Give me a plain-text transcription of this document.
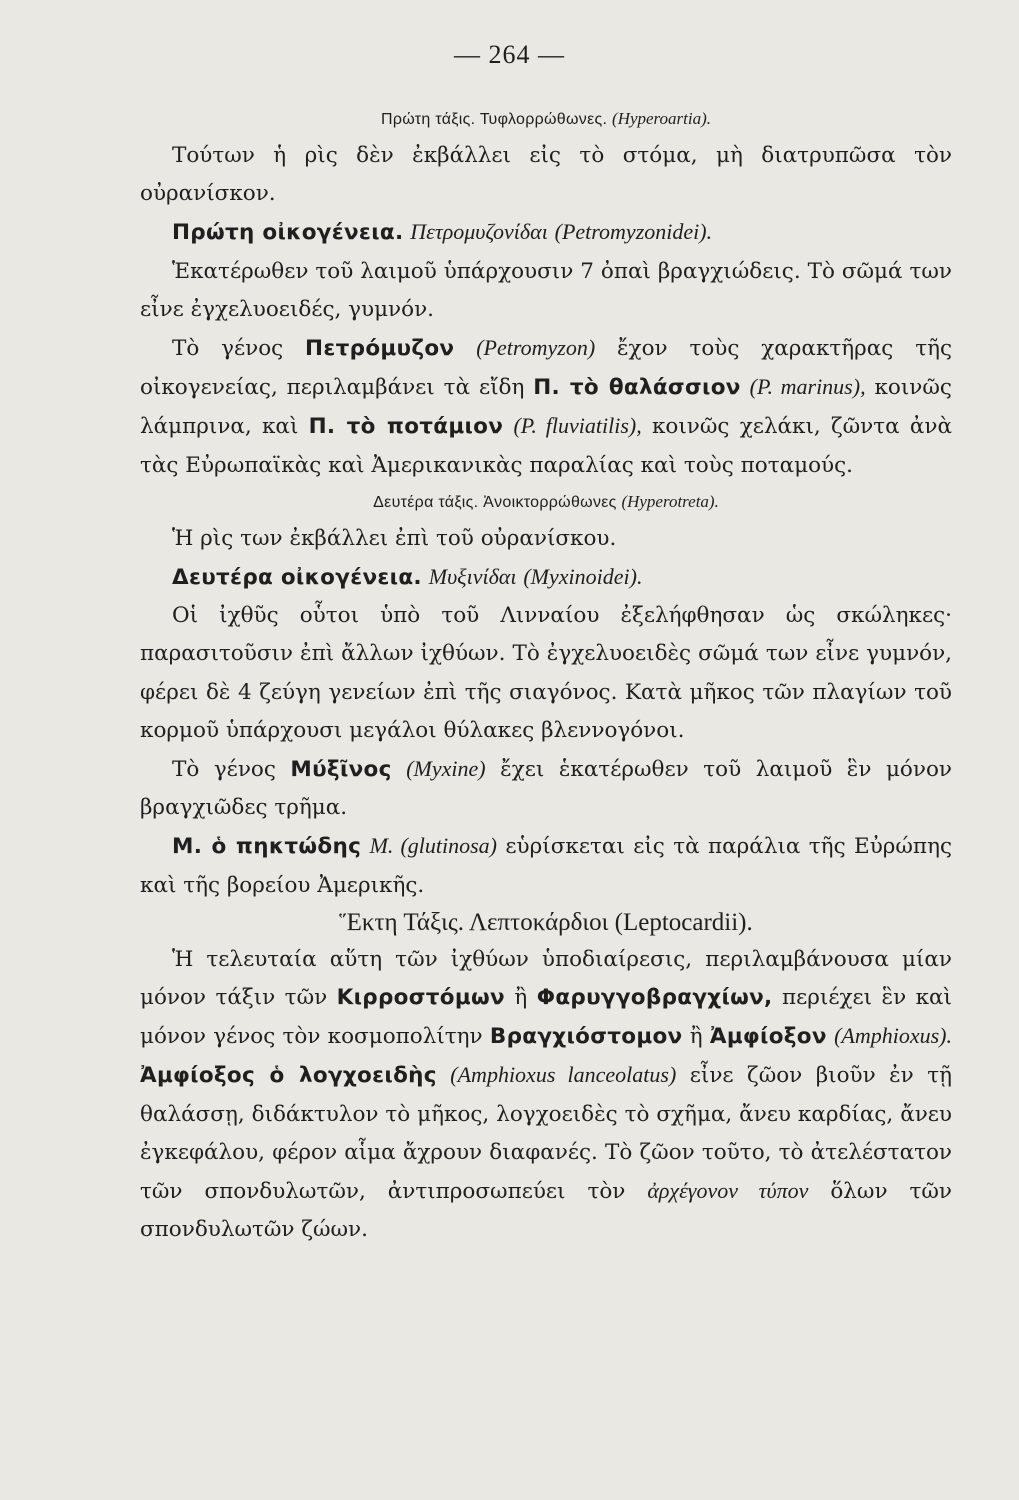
— 264 —

Πρώτη τάξις. Τυφλορρώθωνες. (Hyperoartia).

Τούτων ἡ ρὶς δὲν ἐκβάλλει εἰς τὸ στόμα, μὴ διατρυπῶσα τὸν οὐρανίσκον.

Πρώτη οἰκογένεια. Πετρομυζονίδαι (Petromyzonidei).

Ἑκατέρωθεν τοῦ λαιμοῦ ὑπάρχουσιν 7 ὀπαὶ βραγχιώδεις. Τὸ σῶμά των εἶνε ἐγχελυοειδές, γυμνόν.

Τὸ γένος Πετρόμυζον (Petromyzon) ἔχον τοὺς χαρακτῆρας τῆς οἰκογενείας, περιλαμβάνει τὰ εἴδη Π. τὸ θαλάσσιον (P. marinus), κοινῶς λάμπρινα, καὶ Π. τὸ ποτάμιον (P. fluviatilis), κοινῶς χελάκι, ζῶντα ἀνὰ τὰς Εὐρωπαϊκὰς καὶ Ἀμερικανικὰς παραλίας καὶ τοὺς ποταμούς.

Δευτέρα τάξις. Ἀνοικτορρώθωνες (Hyperotreta).

Ἡ ρὶς των ἐκβάλλει ἐπὶ τοῦ οὐρανίσκου.

Δευτέρα οἰκογένεια. Μυξινίδαι (Myxinoidei).

Οἱ ἰχθῦς οὗτοι ὑπὸ τοῦ Λινναίου ἐξελήφθησαν ὡς σκώληκες· παρασιτοῦσιν ἐπὶ ἄλλων ἰχθύων. Τὸ ἐγχελυοειδὲς σῶμά των εἶνε γυμνόν, φέρει δὲ 4 ζεύγη γενείων ἐπὶ τῆς σιαγόνος. Κατὰ μῆκος τῶν πλαγίων τοῦ κορμοῦ ὑπάρχουσι μεγάλοι θύλακες βλεννογόνοι.

Τὸ γένος Μύξῖνος (Myxine) ἔχει ἑκατέρωθεν τοῦ λαιμοῦ ἓν μόνον βραγχιῶδες τρῆμα.

Μ. ὁ πηκτώδης M. (glutinosa) εὑρίσκεται εἰς τὰ παράλια τῆς Εὐρώπης καὶ τῆς βορείου Ἀμερικῆς.

Ἕκτη Τάξις. Λεπτοκάρδιοι (Leptocardii).

Ἡ τελευταία αὕτη τῶν ἰχθύων ὑποδιαίρεσις, περιλαμβάνουσα μίαν μόνον τάξιν τῶν Κιρροστόμων ἢ Φαρυγγοβραγχίων, περιέχει ἓν καὶ μόνον γένος τὸν κοσμοπολίτην Βραγχιόστομον ἢ Ἀμφίοξον (Amphioxus). Ἀμφίοξος ὁ λογχοειδὴς (Amphioxus lanceolatus) εἶνε ζῶον βιοῦν ἐν τῇ θαλάσσῃ, διδάκτυλον τὸ μῆκος, λογχοειδὲς τὸ σχῆμα, ἄνευ καρδίας, ἄνευ ἐγκεφάλου, φέρον αἷμα ἄχρουν διαφανές. Τὸ ζῶον τοῦτο, τὸ ἀτελέστατον τῶν σπονδυλωτῶν, ἀντιπροσωπεύει τὸν ἀρχέγονον τύπον ὅλων τῶν σπονδυλωτῶν ζώων.
